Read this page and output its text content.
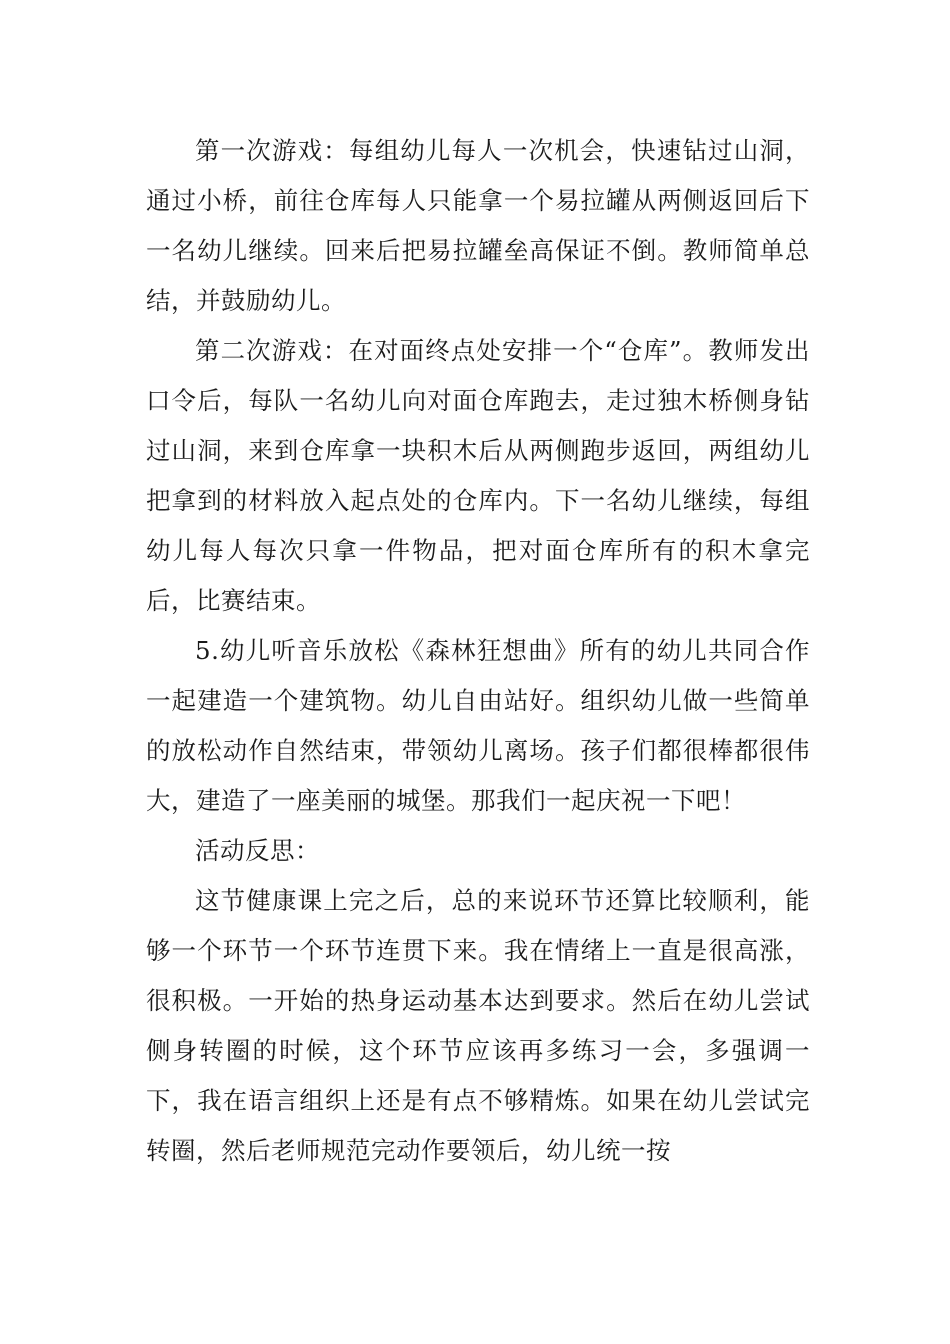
第一次游戏：每组幼儿每人一次机会，快速钻过山洞，通过小桥，前往仓库每人只能拿一个易拉罐从两侧返回后下一名幼儿继续。回来后把易拉罐垒高保证不倒。教师简单总结，并鼓励幼儿。

第二次游戏：在对面终点处安排一个“仓库”。教师发出口令后，每队一名幼儿向对面仓库跑去，走过独木桥侧身钻过山洞，来到仓库拿一块积木后从两侧跑步返回，两组幼儿把拿到的材料放入起点处的仓库内。下一名幼儿继续，每组幼儿每人每次只拿一件物品，把对面仓库所有的积木拿完后，比赛结束。

5.幼儿听音乐放松《森林狂想曲》所有的幼儿共同合作一起建造一个建筑物。幼儿自由站好。组织幼儿做一些简单的放松动作自然结束，带领幼儿离场。孩子们都很棒都很伟大，建造了一座美丽的城堡。那我们一起庆祝一下吧！

活动反思：

这节健康课上完之后，总的来说环节还算比较顺利，能够一个环节一个环节连贯下来。我在情绪上一直是很高涨，很积极。一开始的热身运动基本达到要求。然后在幼儿尝试侧身转圈的时候，这个环节应该再多练习一会，多强调一下，我在语言组织上还是有点不够精炼。如果在幼儿尝试完转圈，然后老师规范完动作要领后，幼儿统一按
